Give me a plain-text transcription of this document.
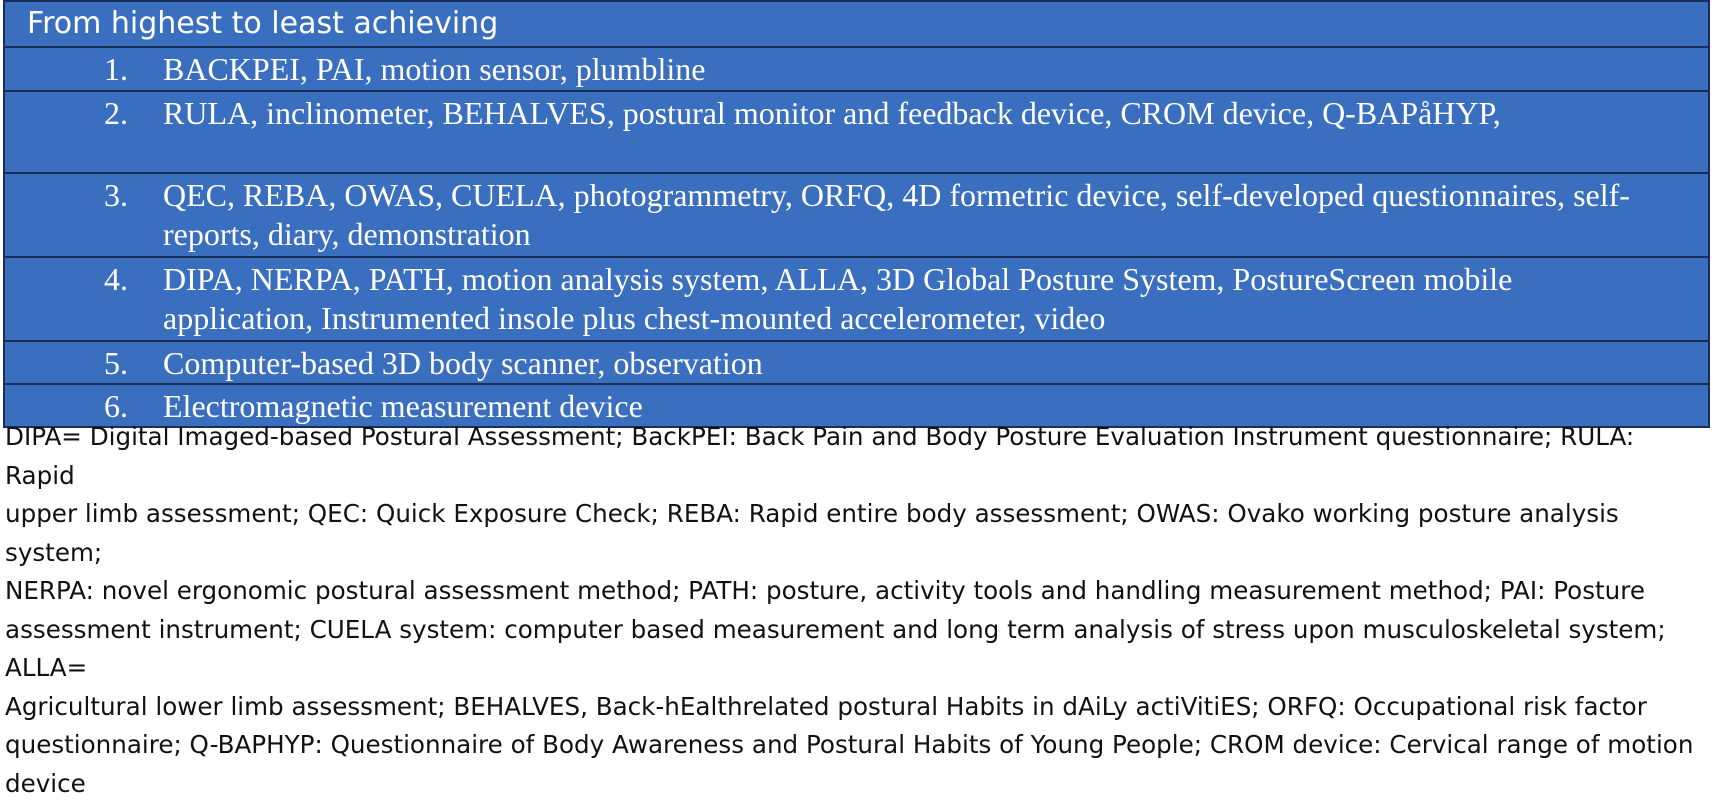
From highest to least achieving

1. BACKPEI, PAI, motion sensor, plumbline

2. RULA, inclinometer, BEHALVES, postural monitor and feedback device, CROM device, Q-BAPåHYP,

3. QEC, REBA, OWAS, CUELA, photogrammetry, ORFQ, 4D formetric device, self-developed questionnaires, self-reports, diary, demonstration

4. DIPA, NERPA, PATH, motion analysis system, ALLA, 3D Global Posture System, PostureScreen mobile application, Instrumented insole plus chest-mounted accelerometer, video

5. Computer-based 3D body scanner, observation

6. Electromagnetic measurement device
DIPA= Digital Imaged-based Postural Assessment; BackPEI: Back Pain and Body Posture Evaluation Instrument questionnaire; RULA: Rapid
upper limb assessment; QEC: Quick Exposure Check; REBA: Rapid entire body assessment; OWAS: Ovako working posture analysis system;
NERPA: novel ergonomic postural assessment method; PATH: posture, activity tools and handling measurement method; PAI: Posture
assessment instrument; CUELA system: computer based measurement and long term analysis of stress upon musculoskeletal system; ALLA=
Agricultural lower limb assessment; BEHALVES, Back-hEalthrelated postural Habits in dAiLy actiVitiES; ORFQ: Occupational risk factor
questionnaire; Q-BAPHYP: Questionnaire of Body Awareness and Postural Habits of Young People; CROM device: Cervical range of motion
device
